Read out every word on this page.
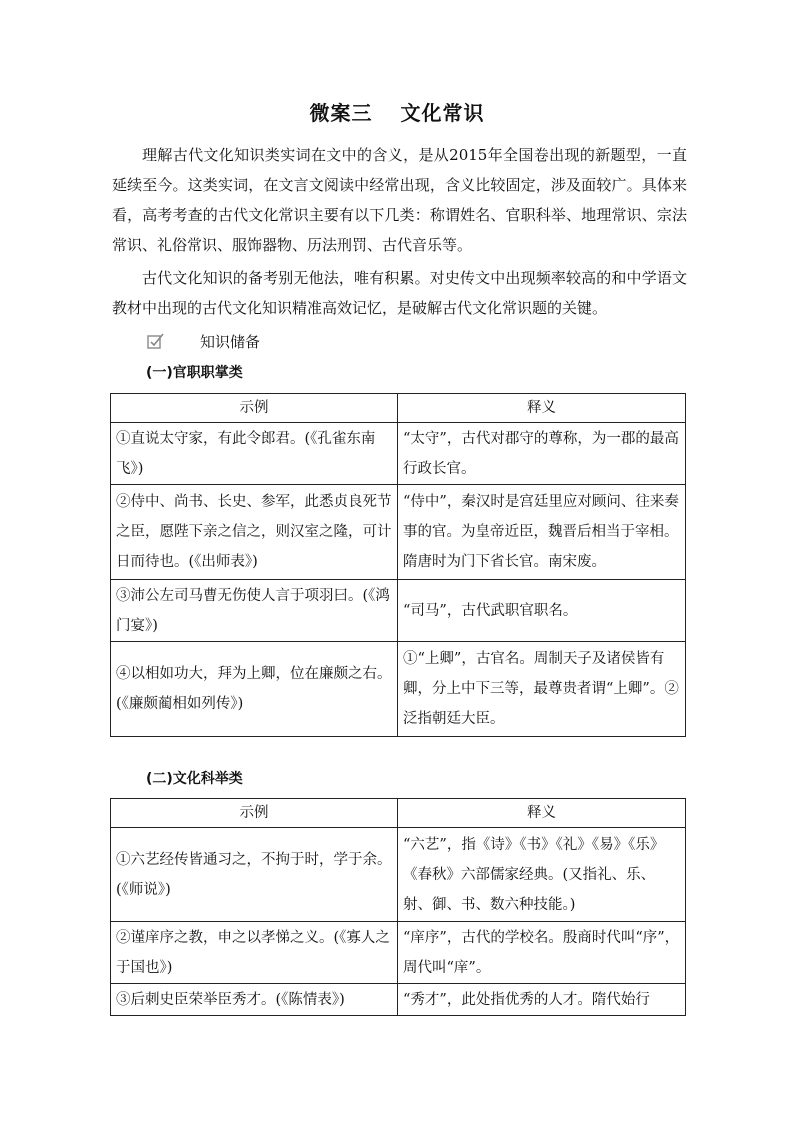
微案三 文化常识
理解古代文化知识类实词在文中的含义，是从2015年全国卷出现的新题型，一直延续至今。这类实词，在文言文阅读中经常出现，含义比较固定，涉及面较广。具体来看，高考考查的古代文化常识主要有以下几类：称谓姓名、官职科举、地理常识、宗法常识、礼俗常识、服饰器物、历法刑罚、古代音乐等。
古代文化知识的备考别无他法，唯有积累。对史传文中出现频率较高的和中学语文教材中出现的古代文化知识精准高效记忆，是破解古代文化常识题的关键。
知识储备
(一)官职职掌类
示例	释义
①直说太守家，有此令郎君。(《孔雀东南飞》)	“太守”，古代对郡守的尊称，为一郡的最高行政长官。
②侍中、尚书、长史、参军，此悉贞良死节之臣，愿陛下亲之信之，则汉室之隆，可计日而待也。(《出师表》)	“侍中”，秦汉时是宫廷里应对顾问、往来奏事的官。为皇帝近臣，魏晋后相当于宰相。隋唐时为门下省长官。南宋废。
③沛公左司马曹无伤使人言于项羽曰。(《鸿门宴》)	“司马”，古代武职官职名。
④以相如功大，拜为上卿，位在廉颇之右。(《廉颇蔺相如列传》)	①“上卿”，古官名。周制天子及诸侯皆有卿，分上中下三等，最尊贵者谓“上卿”。②泛指朝廷大臣。
(二)文化科举类
示例	释义
①六艺经传皆通习之，不拘于时，学于余。(《师说》)	“六艺”，指《诗》《书》《礼》《易》《乐》《春秋》六部儒家经典。(又指礼、乐、射、御、书、数六种技能。)
②谨庠序之教，申之以孝悌之义。(《寡人之于国也》)	“庠序”，古代的学校名。殷商时代叫“序”，周代叫“庠”。
③后刺史臣荣举臣秀才。(《陈情表》)	“秀才”，此处指优秀的人才。隋代始行
